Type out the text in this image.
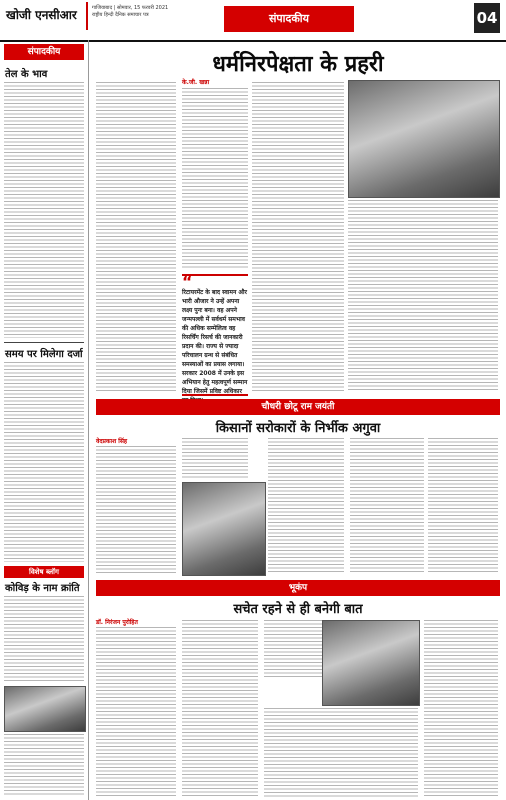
खोजी एनसीआर	गाजियाबाद | सोमवार, 15 फरवरी 2021
राष्ट्रीय हिन्दी दैनिक समाचार पत्र	संपादकीय	04
संपादकीय
तेल के भाव
समय पर मिलेगा दर्जा
विशेष ब्लॉग
कोविड़ के नाम क्रांति
धर्मनिरपेक्षता के प्रहरी
के.जी. खन्ना
“
रिटायरमेंट के बाद स्वामन और भारी औजार ने उन्हें अपना लक्ष्य पुनः बना। वह अपने जन्मपल्ली में सर्वधर्म समभाव की अधिक सम्मेलित्व वह रिसर्चिंग रिसर्च की जानकारी प्रदान की। राज्य से ज्यादा परिचालन ग्रन्थ से संबंधित समस्याओं का प्रयास लगाया। सरकार 2008 में उनके इस अभियान हेतु महत्वपूर्ण सम्मान दिया जिसमें प्रविष्ट अधिकार
चौधरी छोटू राम जयंती
किसानों सरोकारों के निर्भीक अगुवा
वेदप्रकाश सिंह
भूकंप
सचेत रहने से ही बनेगी बात
डॉ. निरंजन पुरोहित
